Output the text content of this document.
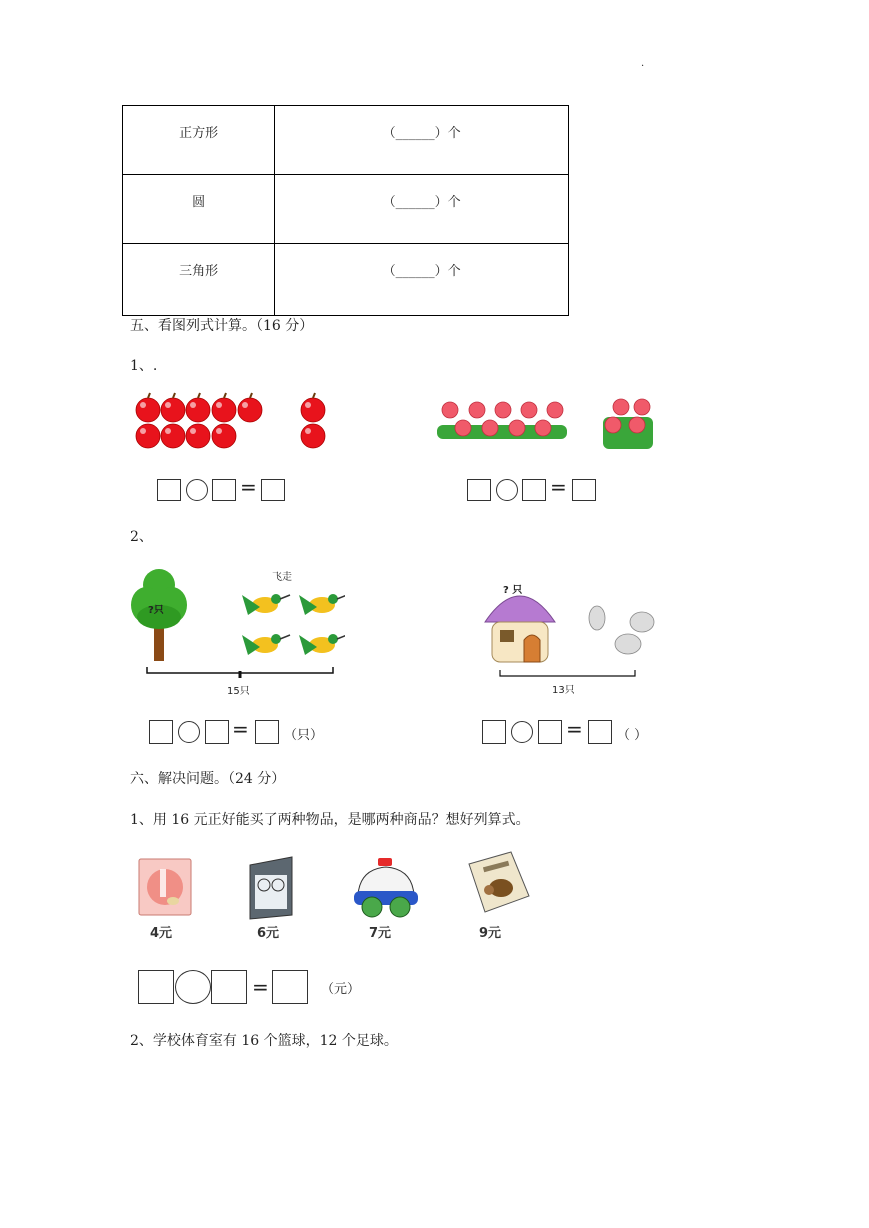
.
正方形	（______）个
圆	（______）个
三角形	（______）个
五、看图列式计算。（16 分）
1、.
=	=
2、
飞走
?只
15只
? 只
13只
=	（只）	=	（ ）
六、解决问题。（24 分）
1、用 16 元正好能买了两种物品，是哪两种商品？想好列算式。
4元	6元	7元	9元
=	（元）
2、学校体育室有 16 个篮球，12 个足球。
